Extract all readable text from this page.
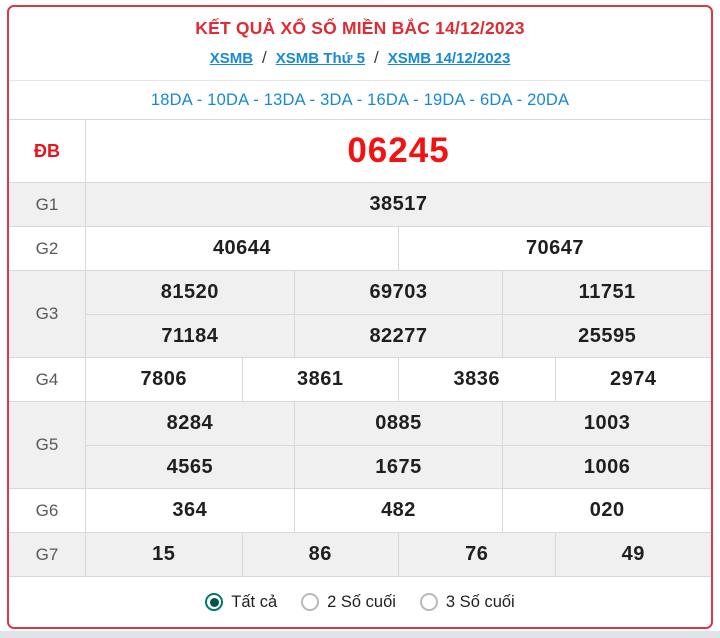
KẾT QUẢ XỔ SỐ MIỀN BẮC 14/12/2023
XSMB / XSMB Thứ 5 / XSMB 14/12/2023
18DA - 10DA - 13DA - 3DA - 16DA - 19DA - 6DA - 20DA
ĐB	06245
G1	38517
G2	40644	70647
G3
81520	69703	11751
71184	82277	25595
G4	7806	3861	3836	2974
G5
8284	0885	1003
4565	1675	1006
G6	364	482	020
G7	15	86	76	49
Tất cả	2 Số cuối	3 Số cuối
